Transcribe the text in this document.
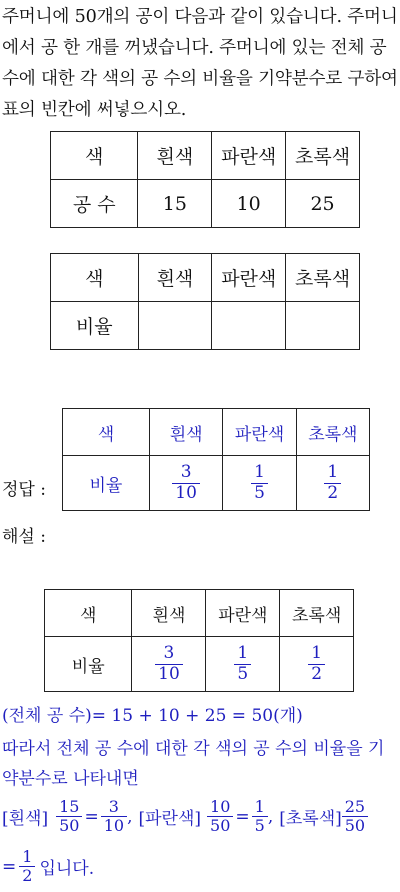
주머니에 50개의 공이 다음과 같이 있습니다. 주머니에서 공 한 개를 꺼냈습니다. 주머니에 있는 전체 공 수에 대한 각 색의 공 수의 비율을 기약분수로 구하여 표의 빈칸에 써넣으시오.
색	흰색	파란색	초록색
공 수	15	10	25
색	흰색	파란색	초록색
비율			
정답 :
색	흰색	파란색	초록색
비율	$\frac{3}{10}$	$\frac{1}{5}$	$\frac{1}{2}$
해설 :
색	흰색	파란색	초록색
비율	$\frac{3}{10}$	$\frac{1}{5}$	$\frac{1}{2}$
(전체 공 수)= 15 + 10 + 25 = 50(개)
따라서 전체 공 수에 대한 각 색의 공 수의 비율을 기
약분수로 나타내면
[흰색] $\frac{15}{50} = \frac{3}{10}$ , [파란색] $\frac{10}{50} = \frac{1}{5}$ , [초록색] $\frac{25}{50}$
= $\frac{1}{2}$ 입니다.
